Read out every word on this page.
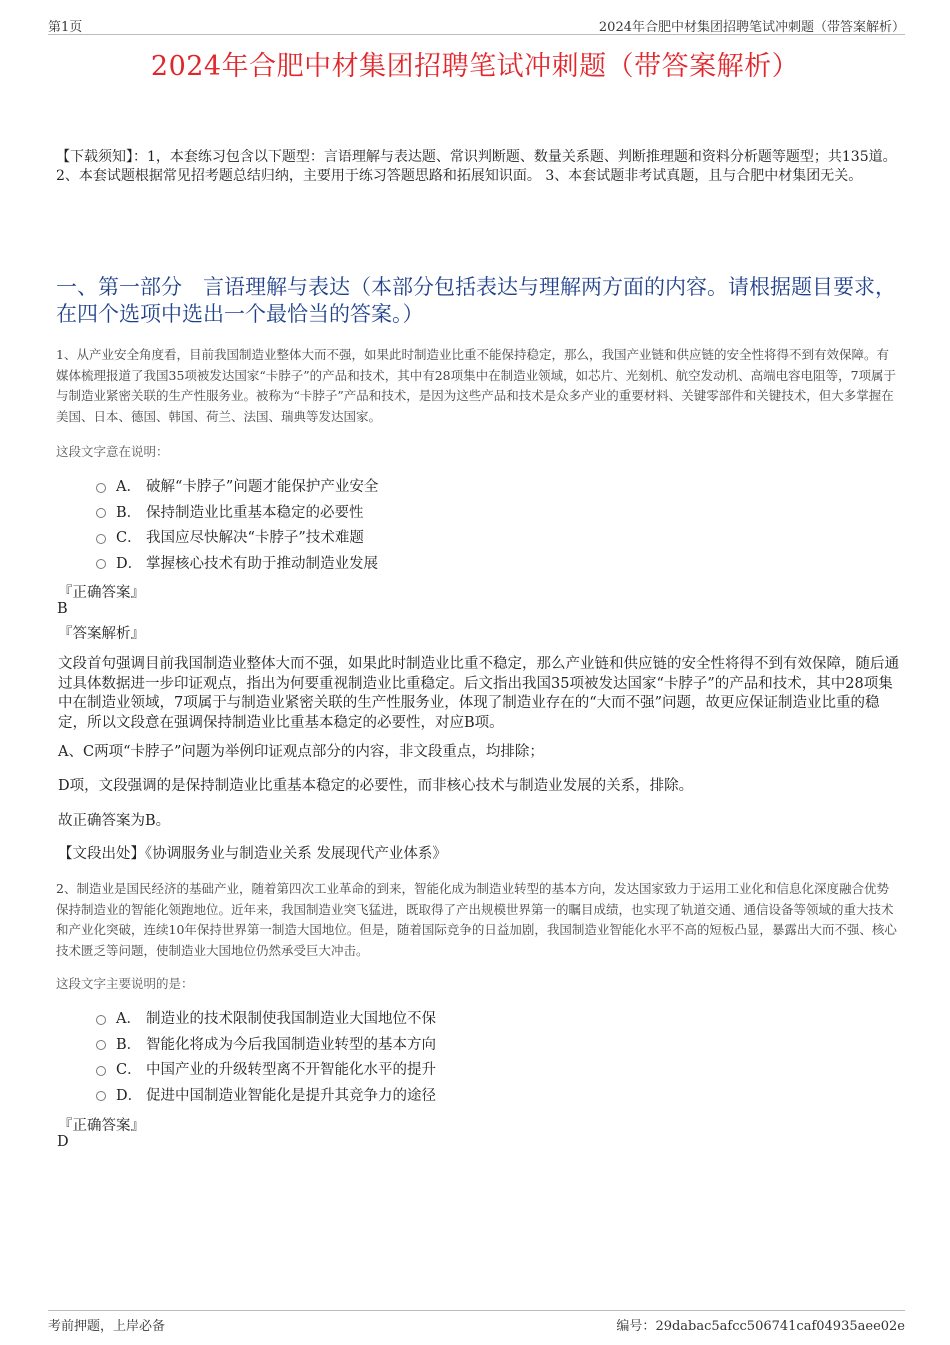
第1页	2024年合肥中材集团招聘笔试冲刺题（带答案解析）
2024年合肥中材集团招聘笔试冲刺题（带答案解析）
【下载须知】：1，本套练习包含以下题型：言语理解与表达题、常识判断题、数量关系题、判断推理题和资料分析题等题型；共135道。 2、本套试题根据常见招考题总结归纳，主要用于练习答题思路和拓展知识面。 3、本套试题非考试真题，且与合肥中材集团无关。
一、第一部分　言语理解与表达（本部分包括表达与理解两方面的内容。请根据题目要求，在四个选项中选出一个最恰当的答案。）
1、从产业安全角度看，目前我国制造业整体大而不强，如果此时制造业比重不能保持稳定，那么，我国产业链和供应链的安全性将得不到有效保障。有媒体梳理报道了我国35项被发达国家“卡脖子”的产品和技术，其中有28项集中在制造业领域，如芯片、光刻机、航空发动机、高端电容电阻等，7项属于与制造业紧密关联的生产性服务业。被称为“卡脖子”产品和技术，是因为这些产品和技术是众多产业的重要材料、关键零部件和关键技术，但大多掌握在美国、日本、德国、韩国、荷兰、法国、瑞典等发达国家。
这段文字意在说明：
A． 破解“卡脖子”问题才能保护产业安全
B． 保持制造业比重基本稳定的必要性
C． 我国应尽快解决“卡脖子”技术难题
D． 掌握核心技术有助于推动制造业发展
『正确答案』
B
『答案解析』
文段首句强调目前我国制造业整体大而不强，如果此时制造业比重不稳定，那么产业链和供应链的安全性将得不到有效保障，随后通过具体数据进一步印证观点，指出为何要重视制造业比重稳定。后文指出我国35项被发达国家“卡脖子”的产品和技术，其中28项集中在制造业领域，7项属于与制造业紧密关联的生产性服务业，体现了制造业存在的“大而不强”问题，故更应保证制造业比重的稳定，所以文段意在强调保持制造业比重基本稳定的必要性，对应B项。
A、C两项“卡脖子”问题为举例印证观点部分的内容，非文段重点，均排除；
D项，文段强调的是保持制造业比重基本稳定的必要性，而非核心技术与制造业发展的关系，排除。
故正确答案为B。
【文段出处】《协调服务业与制造业关系 发展现代产业体系》
2、制造业是国民经济的基础产业，随着第四次工业革命的到来，智能化成为制造业转型的基本方向，发达国家致力于运用工业化和信息化深度融合优势保持制造业的智能化领跑地位。近年来，我国制造业突飞猛进，既取得了产出规模世界第一的瞩目成绩，也实现了轨道交通、通信设备等领域的重大技术和产业化突破，连续10年保持世界第一制造大国地位。但是，随着国际竞争的日益加剧，我国制造业智能化水平不高的短板凸显，暴露出大而不强、核心技术匮乏等问题，使制造业大国地位仍然承受巨大冲击。
这段文字主要说明的是：
A． 制造业的技术限制使我国制造业大国地位不保
B． 智能化将成为今后我国制造业转型的基本方向
C． 中国产业的升级转型离不开智能化水平的提升
D． 促进中国制造业智能化是提升其竞争力的途径
『正确答案』
D
考前押题，上岸必备	编号：29dabac5afcc506741caf04935aee02e
